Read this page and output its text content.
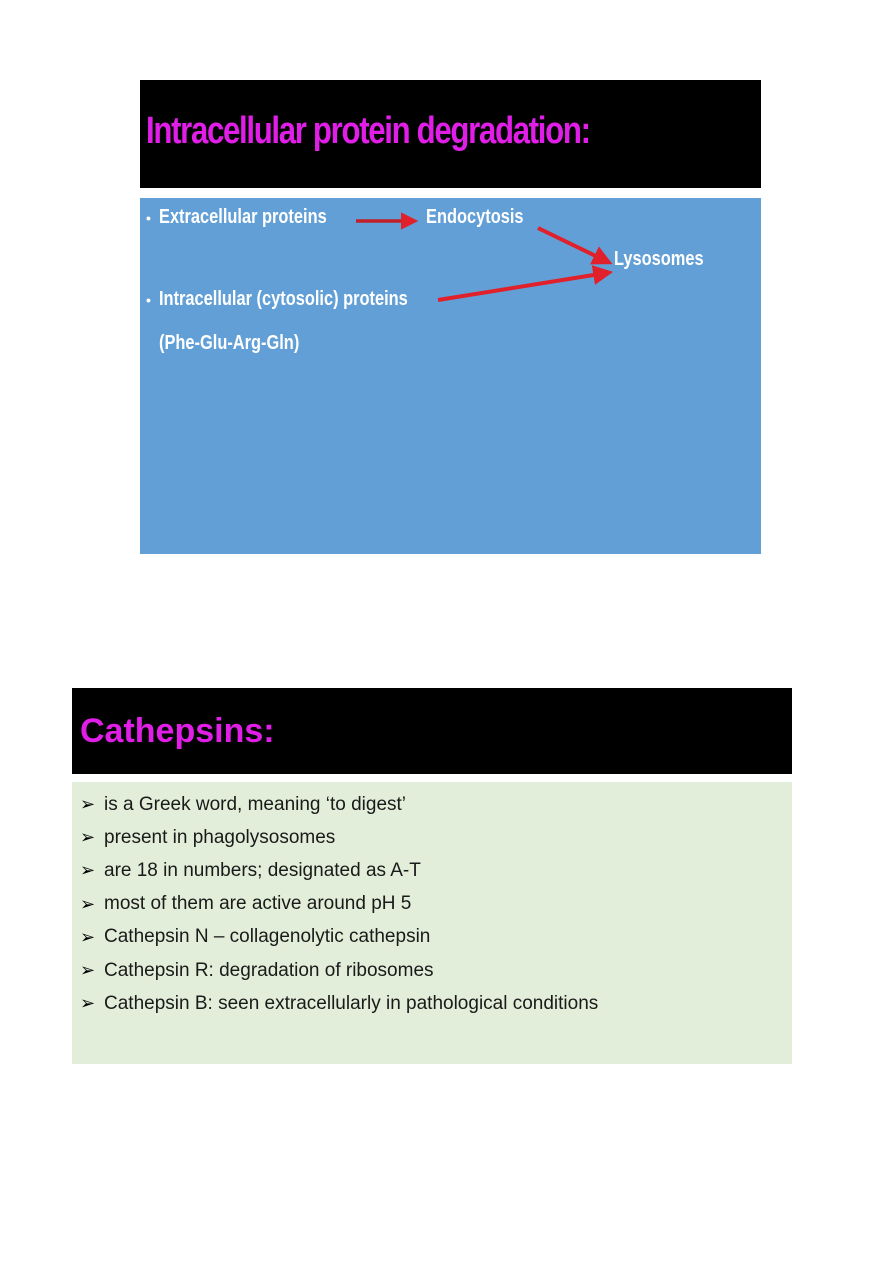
Intracellular protein degradation:
•
•
Extracellular proteins	Endocytosis
Lysosomes
Intracellular (cytosolic) proteins
(Phe-Glu-Arg-Gln)
Cathepsins:
➢ is a Greek word, meaning ‘to digest’
➢ present in phagolysosomes
➢ are 18 in numbers; designated as A-T
➢ most of them are active around pH 5
➢ Cathepsin N – collagenolytic cathepsin
➢ Cathepsin R: degradation of ribosomes
➢ Cathepsin B: seen extracellularly in pathological conditions
